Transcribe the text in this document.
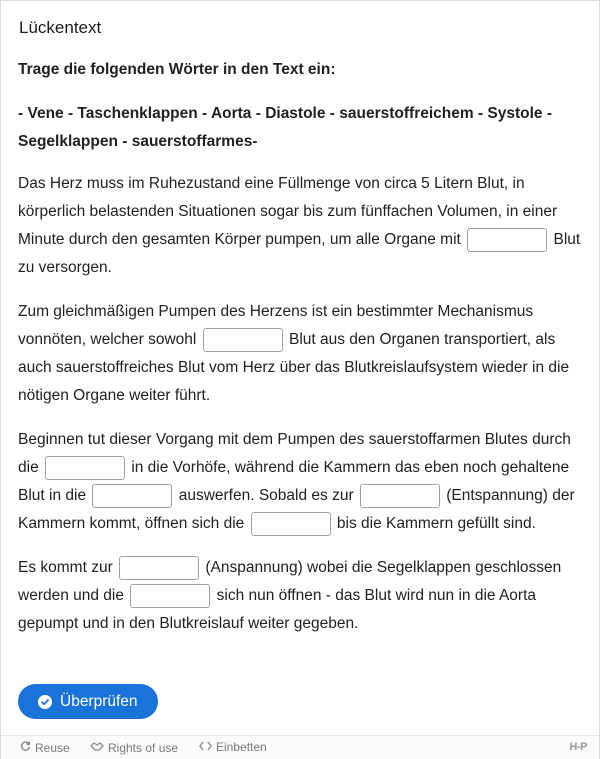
Lückentext

Trage die folgenden Wörter in den Text ein:

- Vene - Taschenklappen - Aorta - Diastole - sauerstoffreichem - Systole - Segelklappen - sauerstoffarmes-

Das Herz muss im Ruhezustand eine Füllmenge von circa 5 Litern Blut, in körperlich belastenden Situationen sogar bis zum fünffachen Volumen, in einer Minute durch den gesamten Körper pumpen, um alle Organe mit	Blut zu versorgen.

Zum gleichmäßigen Pumpen des Herzens ist ein bestimmter Mechanismus vonnöten, welcher sowohl	Blut aus den Organen transportiert, als auch sauerstoffreiches Blut vom Herz über das Blutkreislaufsystem wieder in die nötigen Organe weiter führt.

Beginnen tut dieser Vorgang mit dem Pumpen des sauerstoffarmen Blutes durch die	in die Vorhöfe, während die Kammern das eben noch gehaltene Blut in die	auswerfen. Sobald es zur	(Entspannung) der Kammern kommt, öffnen sich die	bis die Kammern gefüllt sind.

Es kommt zur	(Anspannung) wobei die Segelklappen geschlossen werden und die	sich nun öffnen - das Blut wird nun in die Aorta gepumpt und in den Blutkreislauf weiter gegeben.

Überprüfen
Reuse	Rights of use	Einbetten	H-P
